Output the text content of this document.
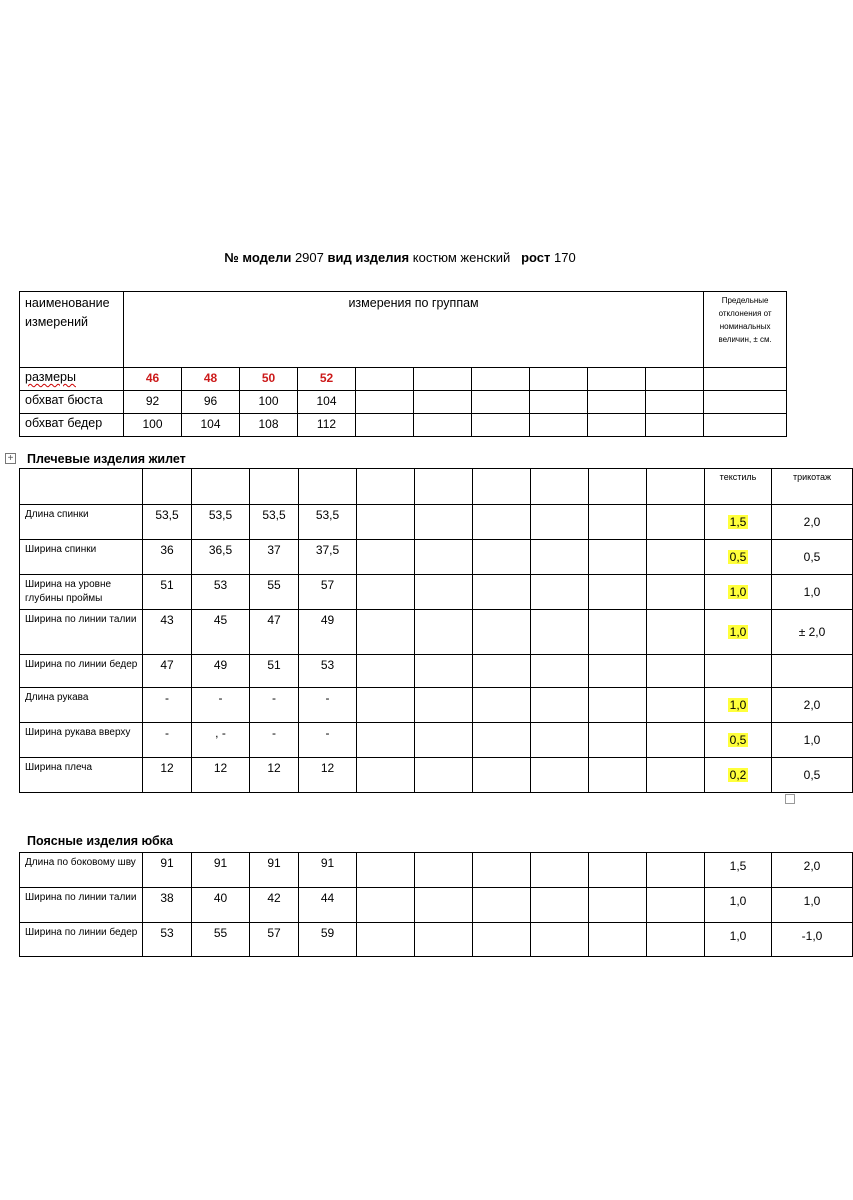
№ модели 2907 вид изделия костюм женский рост 170
наименование
измерений	измерения по группам										Предельные отклонения от номинальных величин, ± см.
размеры	46	48	50	52							
обхват бюста	92	96	100	104							
обхват бедер	100	104	108	112							
+ Плечевые изделия жилет
											текстиль	трикотаж
Длина спинки	53,5	53,5	53,5	53,5							1,5	2,0
Ширина спинки	36	36,5	37	37,5							0,5	0,5
Ширина на уровне глубины проймы	51	53	55	57							1,0	1,0
Ширина по линии талии	43	45	47	49							1,0	± 2,0
Ширина по линии бедер	47	49	51	53								
Длина рукава	-	-	-	-							1,0	2,0
Ширина рукава вверху	-	, -	-	-							0,5	1,0
Ширина плеча	12	12	12	12							0,2	0,5
Поясные изделия юбка
Длина по боковому шву	91	91	91	91							1,5	2,0
Ширина по линии талии	38	40	42	44							1,0	1,0
Ширина по линии бедер	53	55	57	59							1,0	-1,0
